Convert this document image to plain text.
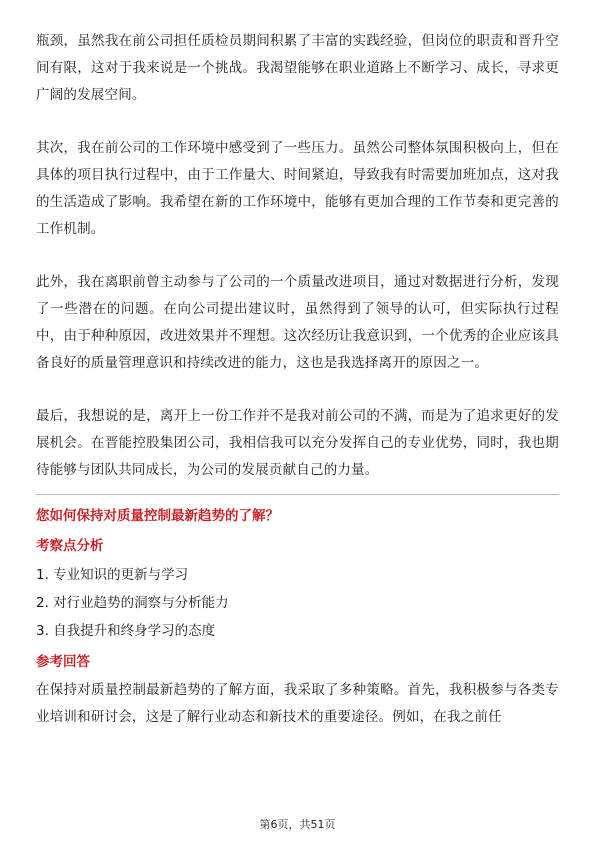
瓶颈，虽然我在前公司担任质检员期间积累了丰富的实践经验，但岗位的职责和晋升空间有限，这对于我来说是一个挑战。我渴望能够在职业道路上不断学习、成长，寻求更广阔的发展空间。

其次，我在前公司的工作环境中感受到了一些压力。虽然公司整体氛围积极向上，但在具体的项目执行过程中，由于工作量大、时间紧迫，导致我有时需要加班加点，这对我的生活造成了影响。我希望在新的工作环境中，能够有更加合理的工作节奏和更完善的工作机制。

此外，我在离职前曾主动参与了公司的一个质量改进项目，通过对数据进行分析，发现了一些潜在的问题。在向公司提出建议时，虽然得到了领导的认可，但实际执行过程中，由于种种原因，改进效果并不理想。这次经历让我意识到，一个优秀的企业应该具备良好的质量管理意识和持续改进的能力，这也是我选择离开的原因之一。

最后，我想说的是，离开上一份工作并不是我对前公司的不满，而是为了追求更好的发展机会。在晋能控股集团公司，我相信我可以充分发挥自己的专业优势，同时，我也期待能够与团队共同成长，为公司的发展贡献自己的力量。

您如何保持对质量控制最新趋势的了解？

考察点分析

1. 专业知识的更新与学习
2. 对行业趋势的洞察与分析能力
3. 自我提升和终身学习的态度

参考回答

在保持对质量控制最新趋势的了解方面，我采取了多种策略。首先，我积极参与各类专业培训和研讨会，这是了解行业动态和新技术的重要途径。例如，在我之前任

第6页，共51页
